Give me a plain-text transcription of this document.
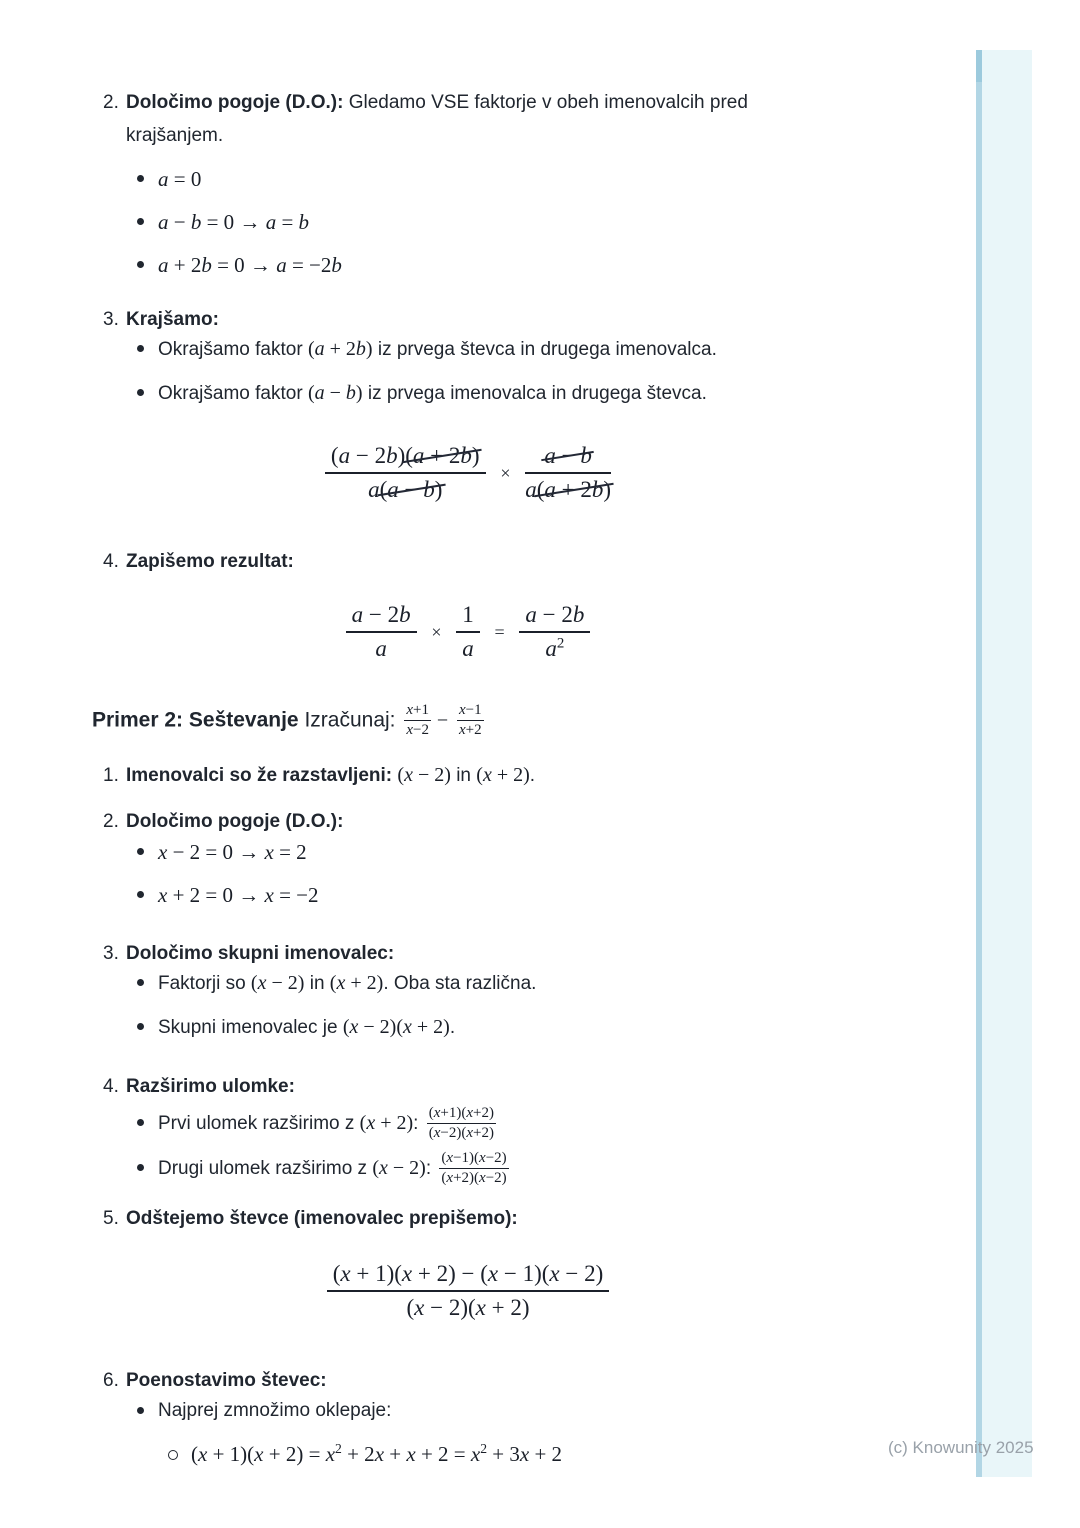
(c) Knowunity 2025
2. Določimo pogoje (D.O.): Gledamo VSE faktorje v obeh imenovalcih pred krajšanjem.
a = 0
a − b = 0 → a = b
a + 2b = 0 → a = −2b
3. Krajšamo:
Okrajšamo faktor (a + 2b) iz prvega števca in drugega imenovalca.
Okrajšamo faktor (a − b) iz prvega imenovalca in drugega števca.
$\frac{(a - 2b)(a + 2b)}{a(a - b)} \times \frac{a - b}{a(a + 2b)}$
4. Zapišemo rezultat:
$\frac{a - 2b}{a} \times \frac{1}{a} = \frac{a - 2b}{a^2}$
Primer 2: Seštevanje Izračunaj: $\frac{x+1}{x-2} - \frac{x-1}{x+2}$
1. Imenovalci so že razstavljeni: (x − 2) in (x + 2).
2. Določimo pogoje (D.O.):
x − 2 = 0 → x = 2
x + 2 = 0 → x = −2
3. Določimo skupni imenovalec:
Faktorji so (x − 2) in (x + 2). Oba sta različna.
Skupni imenovalec je (x − 2)(x + 2).
4. Razširimo ulomke:
Prvi ulomek razširimo z (x + 2): $\frac{(x+1)(x+2)}{(x-2)(x+2)}$
Drugi ulomek razširimo z (x − 2): $\frac{(x-1)(x-2)}{(x+2)(x-2)}$
5. Odštejemo števce (imenovalec prepišemo):
$\frac{(x + 1)(x + 2) - (x - 1)(x - 2)}{(x - 2)(x + 2)}$
6. Poenostavimo števec:
Najprej zmnožimo oklepaje:
$(x + 1)(x + 2) = x^2 + 2x + x + 2 = x^2 + 3x + 2$
